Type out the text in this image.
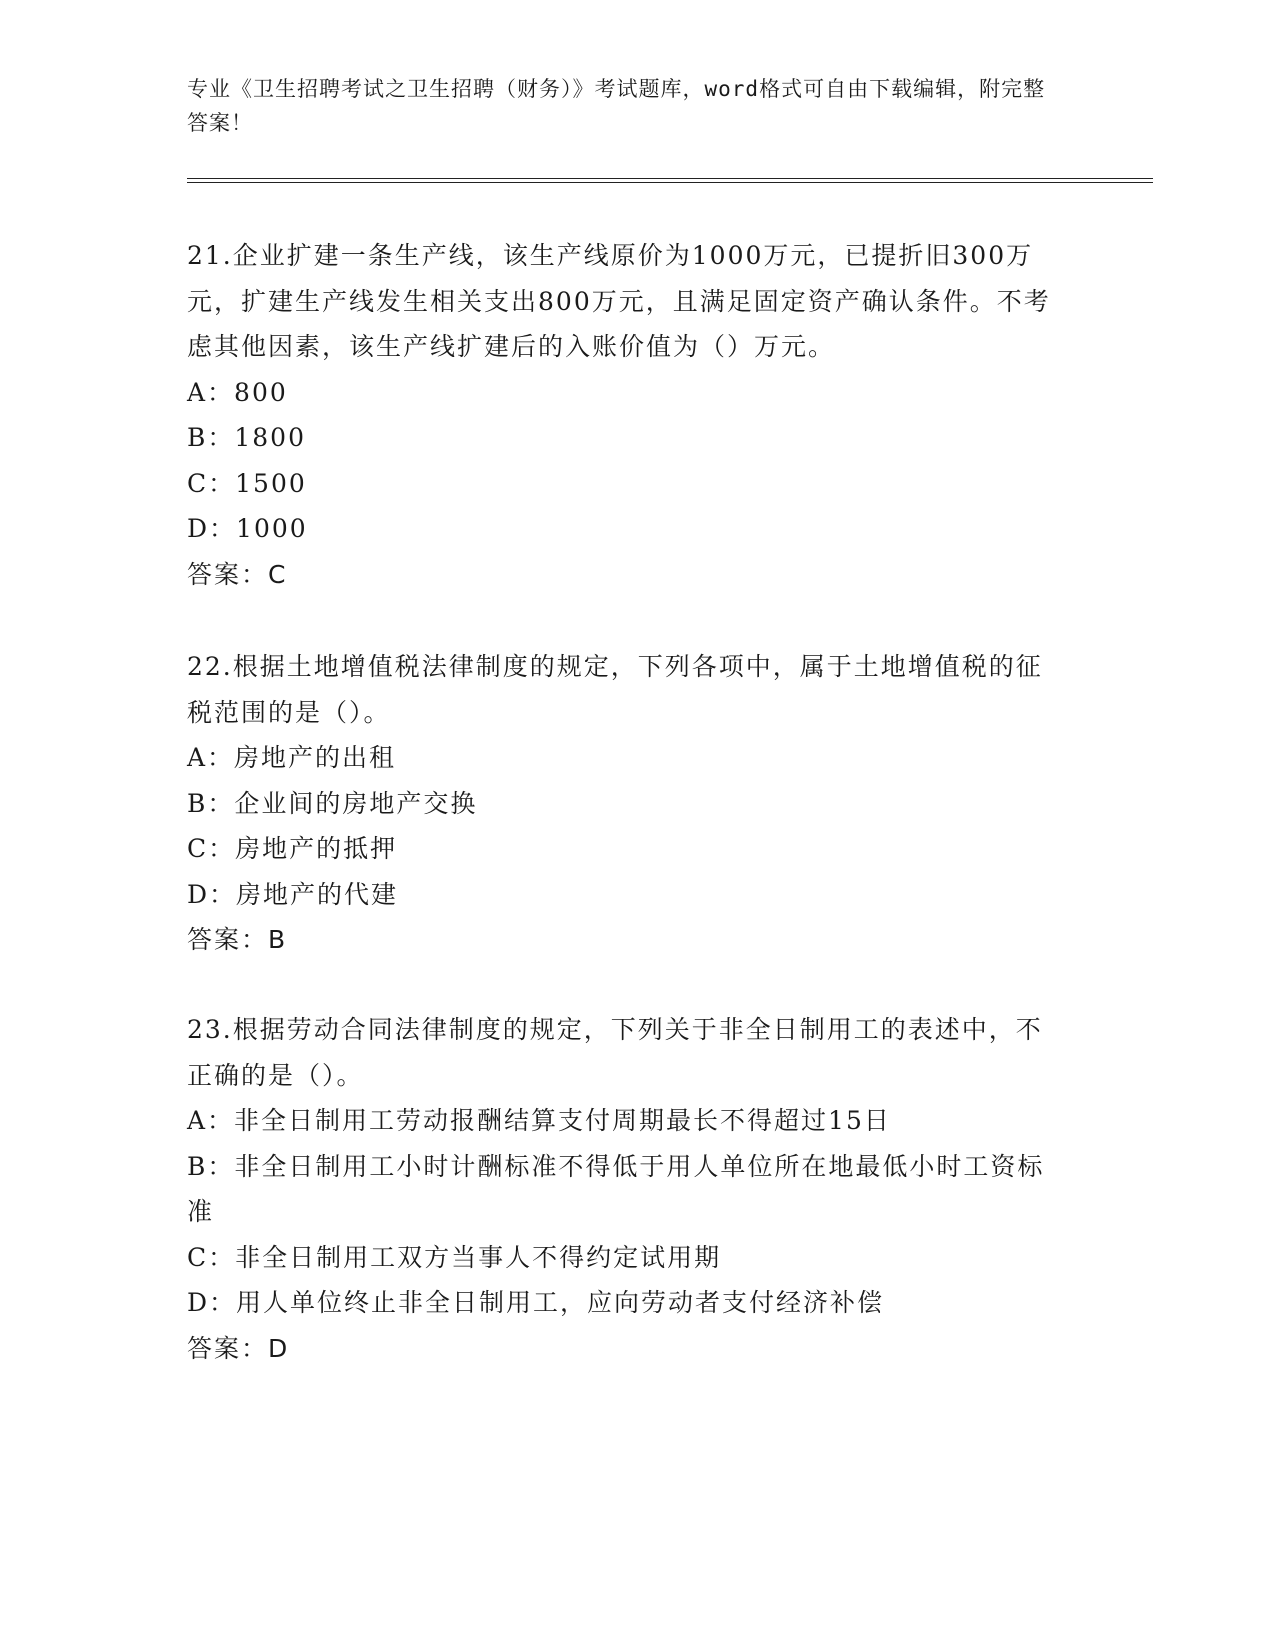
专业《卫生招聘考试之卫生招聘（财务）》考试题库，word格式可自由下载编辑，附完整答案！

21.企业扩建一条生产线，该生产线原价为1000万元，已提折旧300万元，扩建生产线发生相关支出800万元，且满足固定资产确认条件。不考虑其他因素，该生产线扩建后的入账价值为（）万元。

A：800

B：1800

C：1500

D：1000

答案：C

22.根据土地增值税法律制度的规定，下列各项中，属于土地增值税的征税范围的是（）。

A：房地产的出租

B：企业间的房地产交换

C：房地产的抵押

D：房地产的代建

答案：B

23.根据劳动合同法律制度的规定，下列关于非全日制用工的表述中，不正确的是（）。

A：非全日制用工劳动报酬结算支付周期最长不得超过15日

B：非全日制用工小时计酬标准不得低于用人单位所在地最低小时工资标准

C：非全日制用工双方当事人不得约定试用期

D：用人单位终止非全日制用工，应向劳动者支付经济补偿

答案：D
